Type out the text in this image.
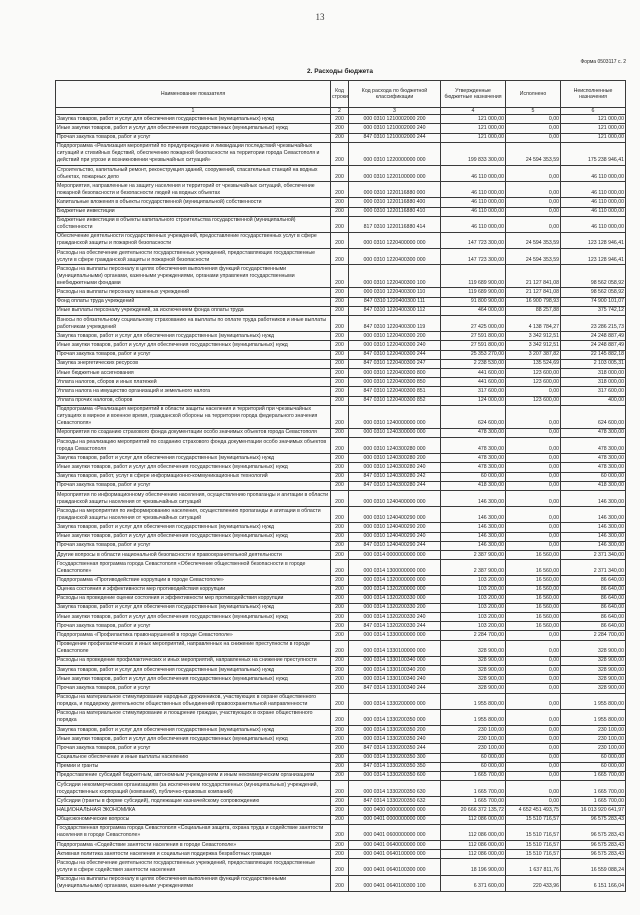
13
Форма 0503117 с. 2
2. Расходы бюджета
Наименование показателя	Код строки	Код расхода по бюджетной классификации	Утвержденные бюджетные назначения	Исполнено	Неисполненные назначения
1	2	3	4	5	6
Закупка товаров, работ и услуг для обеспечения государственных (муниципальных) нужд	200	000 0310 1210002000 200	121 000,00	0,00	121 000,00
Иные закупки товаров, работ и услуг для обеспечения государственных (муниципальных) нужд	200	000 0310 1210002000 240	121 000,00	0,00	121 000,00
Прочая закупка товаров, работ и услуг	200	847 0310 1210002000 244	121 000,00	0,00	121 000,00
Подпрограмма «Реализация мероприятий по предупреждению и ликвидации последствий чрезвычайных ситуаций и стихийных бедствий, обеспечению пожарной безопасности на территории города Севастополя и действий при угрозе и возникновении чрезвычайных ситуаций»	200	000 0310 1220000000 000	199 833 300,00	24 594 353,59	175 238 946,41
Строительство, капитальный ремонт, реконструкция зданий, сооружений, спасательных станций на водных объектах, пожарных депо	200	000 0310 1220100000 000	46 110 000,00	0,00	46 110 000,00
Мероприятия, направленные на защиту населения и территорий от чрезвычайных ситуаций, обеспечение пожарной безопасности и безопасности людей на водных объектах	200	000 0310 1220116880 000	46 110 000,00	0,00	46 110 000,00
Капитальные вложения в объекты государственной (муниципальной) собственности	200	000 0310 1220116880 400	46 110 000,00	0,00	46 110 000,00
Бюджетные инвестиции	200	000 0310 1220116880 410	46 110 000,00	0,00	46 110 000,00
Бюджетные инвестиции в объекты капитального строительства государственной (муниципальной) собственности	200	817 0310 1220116880 414	46 110 000,00	0,00	46 110 000,00
Обеспечение деятельности государственных учреждений, предоставление государственных услуг в сфере гражданской защиты и пожарной безопасности	200	000 0310 1220400000 000	147 723 300,00	24 594 353,59	123 128 946,41
Расходы на обеспечение деятельности государственных учреждений, предоставляющих государственные услуги в сфере гражданской защиты и пожарной безопасности	200	000 0310 1220400300 000	147 723 300,00	24 594 353,59	123 128 946,41
Расходы на выплаты персоналу в целях обеспечения выполнения функций государственными (муниципальными) органами, казенными учреждениями, органами управления государственными внебюджетными фондами	200	000 0310 1220400300 100	119 689 900,00	21 127 841,08	98 562 058,92
Расходы на выплаты персоналу казенных учреждений	200	000 0310 1220400300 110	119 689 900,00	21 127 841,08	98 562 058,92
Фонд оплаты труда учреждений	200	847 0310 1220400300 111	91 800 900,00	16 900 798,93	74 900 101,07
Иные выплаты персоналу учреждений, за исключением фонда оплаты труда	200	847 0310 1220400300 112	464 000,00	88 257,88	375 742,12
Взносы по обязательному социальному страхованию на выплаты по оплате труда работников и иные выплаты работникам учреждений	200	847 0310 1220400300 119	27 425 000,00	4 138 784,27	23 286 215,73
Закупка товаров, работ и услуг для обеспечения государственных (муниципальных) нужд	200	000 0310 1220400300 200	27 591 800,00	3 342 912,51	24 248 887,49
Иные закупки товаров, работ и услуг для обеспечения государственных (муниципальных) нужд	200	000 0310 1220400300 240	27 591 800,00	3 342 912,51	24 248 887,49
Прочая закупка товаров, работ и услуг	200	847 0310 1220400300 244	25 353 270,00	3 207 387,82	22 145 882,18
Закупка энергетических ресурсов	200	847 0310 1220400300 247	2 238 530,00	135 524,69	2 103 005,31
Иные бюджетные ассигнования	200	000 0310 1220400300 800	441 600,00	123 600,00	318 000,00
Уплата налогов, сборов и иных платежей	200	000 0310 1220400300 850	441 600,00	123 600,00	318 000,00
Уплата налога на имущество организаций и земельного налога	200	847 0310 1220400300 851	317 600,00	0,00	317 600,00
Уплата прочих налогов, сборов	200	847 0310 1220400300 852	124 000,00	123 600,00	400,00
Подпрограмма «Реализация мероприятий в области защиты населения и территорий при чрезвычайных ситуациях в мирное и военное время, гражданской обороны на территории города федерального значения Севастополя»	200	000 0310 1240000000 000	624 600,00	0,00	624 600,00
Мероприятия по созданию страхового фонда документации особо значимых объектов города Севастополя	200	000 0310 1240300000 000	478 300,00	0,00	478 300,00
Расходы на реализацию мероприятий по созданию страхового фонда документации особо значимых объектов города Севастополя	200	000 0310 1240300280 000	478 300,00	0,00	478 300,00
Закупка товаров, работ и услуг для обеспечения государственных (муниципальных) нужд	200	000 0310 1240300280 200	478 300,00	0,00	478 300,00
Иные закупки товаров, работ и услуг для обеспечения государственных (муниципальных) нужд	200	000 0310 1240300280 240	478 300,00	0,00	478 300,00
Закупка товаров, работ, услуг в сфере информационно-коммуникационных технологий	200	847 0310 1240300280 242	60 000,00	0,00	60 000,00
Прочая закупка товаров, работ и услуг	200	847 0310 1240300280 244	418 300,00	0,00	418 300,00
Мероприятия по информационному обеспечению населения, осуществлению пропаганды и агитации в области гражданской защиты населения от чрезвычайных ситуаций	200	000 0310 1240400000 000	146 300,00	0,00	146 300,00
Расходы на мероприятия по информированию населения, осуществлению пропаганды и агитации в области гражданской защиты населения от чрезвычайных ситуаций	200	000 0310 1240400290 000	146 300,00	0,00	146 300,00
Закупка товаров, работ и услуг для обеспечения государственных (муниципальных) нужд	200	000 0310 1240400290 200	146 300,00	0,00	146 300,00
Иные закупки товаров, работ и услуг для обеспечения государственных (муниципальных) нужд	200	000 0310 1240400290 240	146 300,00	0,00	146 300,00
Прочая закупка товаров, работ и услуг	200	847 0310 1240400290 244	146 300,00	0,00	146 300,00
Другие вопросы в области национальной безопасности и правоохранительной деятельности	200	000 0314 0000000000 000	2 387 900,00	16 560,00	2 371 340,00
Государственная программа города Севастополя «Обеспечение общественной безопасности в городе Севастополе»	200	000 0314 1300000000 000	2 387 900,00	16 560,00	2 371 340,00
Подпрограмма «Противодействие коррупции в городе Севастополе»	200	000 0314 1320000000 000	103 200,00	16 560,00	86 640,00
Оценка состояния и эффективности мер противодействия коррупции	200	000 0314 1320200000 000	103 200,00	16 560,00	86 640,00
Расходы на проведение оценки состояния и эффективности мер противодействия коррупции	200	000 0314 1320200330 000	103 200,00	16 560,00	86 640,00
Закупка товаров, работ и услуг для обеспечения государственных (муниципальных) нужд	200	000 0314 1320200330 200	103 200,00	16 560,00	86 640,00
Иные закупки товаров, работ и услуг для обеспечения государственных (муниципальных) нужд	200	000 0314 1320200330 240	103 200,00	16 560,00	86 640,00
Прочая закупка товаров, работ и услуг	200	847 0314 1320200330 244	103 200,00	16 560,00	86 640,00
Подпрограмма «Профилактика правонарушений в городе Севастополе»	200	000 0314 1330000000 000	2 284 700,00	0,00	2 284 700,00
Проведение профилактических и иных мероприятий, направленных на снижение преступности в городе Севастополе	200	000 0314 1330100000 000	328 900,00	0,00	328 900,00
Расходы на проведение профилактических и иных мероприятий, направленных на снижение преступности	200	000 0314 1330100340 000	328 900,00	0,00	328 900,00
Закупка товаров, работ и услуг для обеспечения государственных (муниципальных) нужд	200	000 0314 1330100340 200	328 900,00	0,00	328 900,00
Иные закупки товаров, работ и услуг для обеспечения государственных (муниципальных) нужд	200	000 0314 1330100340 240	328 900,00	0,00	328 900,00
Прочая закупка товаров, работ и услуг	200	847 0314 1330100340 244	328 900,00	0,00	328 900,00
Расходы на материальное стимулирование народных дружинников, участвующих в охране общественного порядка, и поддержку деятельности общественных объединений правоохранительной направленности	200	000 0314 1330200000 000	1 955 800,00	0,00	1 955 800,00
Расходы на материальное стимулирование и поощрение граждан, участвующих в охране общественного порядка	200	000 0314 1330200350 000	1 955 800,00	0,00	1 955 800,00
Закупка товаров, работ и услуг для обеспечения государственных (муниципальных) нужд	200	000 0314 1330200350 200	230 100,00	0,00	230 100,00
Иные закупки товаров, работ и услуг для обеспечения государственных (муниципальных) нужд	200	000 0314 1330200350 240	230 100,00	0,00	230 100,00
Прочая закупка товаров, работ и услуг	200	847 0314 1330200350 244	230 100,00	0,00	230 100,00
Социальное обеспечение и иные выплаты населению	200	000 0314 1330200350 300	60 000,00	0,00	60 000,00
Премии и гранты	200	847 0314 1330200350 350	60 000,00	0,00	60 000,00
Предоставление субсидий бюджетным, автономным учреждениям и иным некоммерческим организациям	200	000 0314 1330200350 600	1 665 700,00	0,00	1 665 700,00
Субсидии некоммерческим организациям (за исключением государственных (муниципальных) учреждений, государственных корпораций (компаний), публично-правовых компаний)	200	000 0314 1330200350 630	1 665 700,00	0,00	1 665 700,00
Субсидии (гранты в форме субсидий), подлежащие казначейскому сопровождению	200	847 0314 1330200350 632	1 665 700,00	0,00	1 665 700,00
НАЦИОНАЛЬНАЯ ЭКОНОМИКА	200	000 0400 0000000000 000	20 666 372 135,72	4 652 451 493,75	16 013 920 641,97
Общеэкономические вопросы	200	000 0401 0000000000 000	112 086 000,00	15 510 716,57	96 575 283,43
Государственная программа города Севастополя «Социальная защита, охрана труда и содействие занятости населения в городе Севастополе»	200	000 0401 0600000000 000	112 086 000,00	15 510 716,57	96 575 283,43
Подпрограмма «Содействие занятости населения в городе Севастополе»	200	000 0401 0640000000 000	112 086 000,00	15 510 716,57	96 575 283,43
Активная политика занятости населения и социальная поддержка безработных граждан	200	000 0401 0640100000 000	112 086 000,00	15 510 716,57	96 575 283,43
Расходы на обеспечение деятельности государственных учреждений, предоставляющих государственные услуги в сфере содействия занятости населения	200	000 0401 0640100300 000	18 196 900,00	1 637 811,76	16 559 088,24
Расходы на выплаты персоналу в целях обеспечения выполнения функций государственными (муниципальными) органами, казенными учреждениями	200	000 0401 0640100300 100	6 371 600,00	220 433,96	6 151 166,04
